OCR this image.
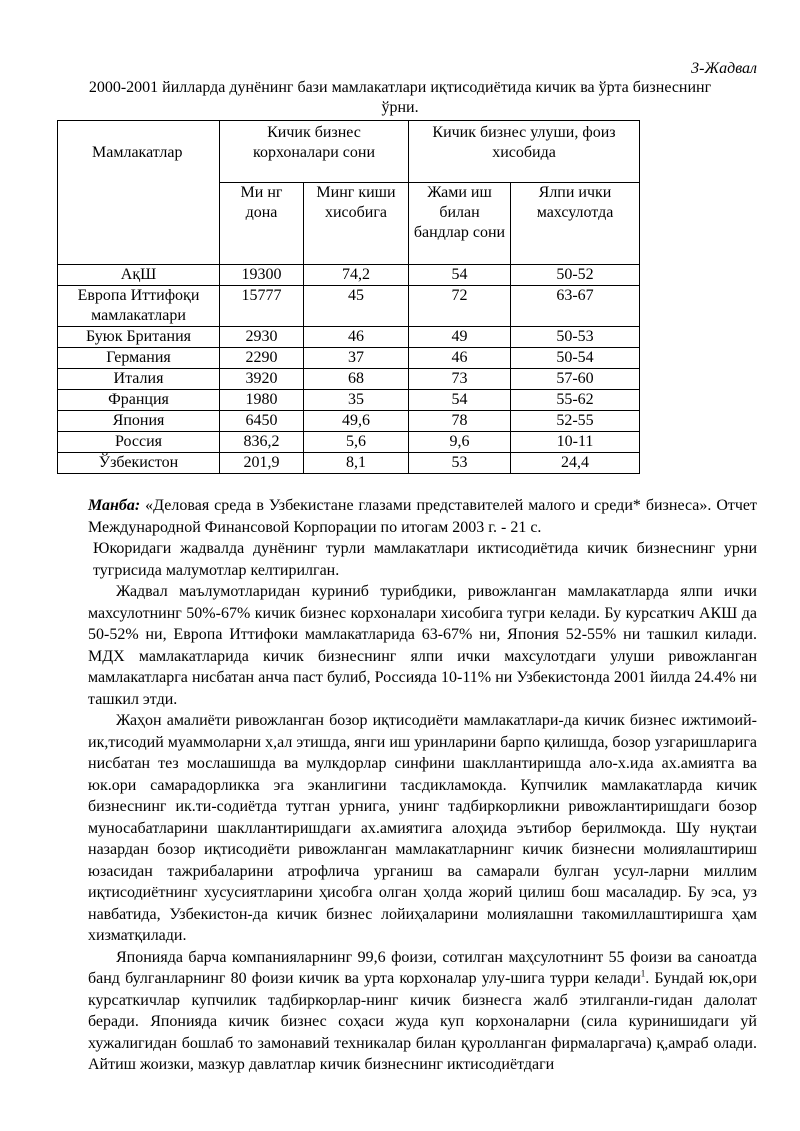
3-Жадвал
2000-2001 йилларда дунёнинг бази мамлакатлари иқтисодиётида кичик ва ўрта бизнеснинг ўрни.
Мамлакатлар	Кичик бизнес корхоналари сони		Кичик бизнес улуши, фоиз хисобида	
	Ми нг дона	Минг киши хисобига	Жами иш билан бандлар сони	Ялпи ички махсулотда
АқШ	19300	74,2	54	50-52
Европа Иттифоқи мамлакатлари	15777	45	72	63-67
Буюк Британия	2930	46	49	50-53
Германия	2290	37	46	50-54
Италия	3920	68	73	57-60
Франция	1980	35	54	55-62
Япония	6450	49,6	78	52-55
Россия	836,2	5,6	9,6	10-11
Ўзбекистон	201,9	8,1	53	24,4
Манба: «Деловая среда в Узбекистане глазами представителей малого и среди* бизнеса». Отчет Международной Финансовой Корпорации по итогам 2003 г. - 21 с.

Юкоридаги жадвалда дунёнинг турли мамлакатлари иктисодиётида кичик бизнеснинг урни тугрисида малумотлар келтирилган.

Жадвал маълумотларидан куриниб турибдики, ривожланган мамлакатларда ялпи ички махсулотнинг 50%-67% кичик бизнес корхоналари хисобига тугри келади. Бу курсаткич АКШ да 50-52% ни, Европа Иттифоки мамлакатларида 63-67% ни, Япония 52-55% ни ташкил килади. МДХ мамлакатларида кичик бизнеснинг ялпи ички махсулотдаги улуши ривожланган мамлакатларга нисбатан анча паст булиб, Россияда 10-11% ни Узбекистонда 2001 йилда 24.4% ни ташкил этди.

Жаҳон амалиёти ривожланган бозор иқтисодиёти мамлакатлари-да кичик бизнес ижтимоий-ик,тисодий муаммоларни х,ал этишда, янги иш уринларини барпо қилишда, бозор узгаришларига нисбатан тез мослашишда ва мулкдорлар синфини шакллантиришда ало-х.ида ах.амиятга ва юк.ори самарадорликка эга эканлигини тасдикламокда. Купчилик мамлакатларда кичик бизнеснинг ик.ти-содиётда тутган урнига, унинг тадбиркорликни ривожлантиришдаги бозор муносабатларини шакллантиришдаги ах.амиятига алоҳида эътибор берилмокда. Шу нуқтаи назардан бозор иқтисодиёти ривожланган мамлакатларнинг кичик бизнесни молиялаштириш юзасидан тажрибаларини атрофлича урганиш ва самарали булган усул-ларни миллим иқтисодиётнинг хусусиятларини ҳисобга олган ҳолда жорий цилиш бош масаладир. Бу эса, уз навбатида, Узбекистон-да кичик бизнес лойиҳаларини молиялашни такомиллаштиришга ҳам хизматқилади.

Японияда барча компанияларнинг 99,6 фоизи, сотилган маҳсулотнинт 55 фоизи ва саноатда банд булганларнинг 80 фоизи кичик ва урта корхоналар улу-шига турри келади$^1$. Бундай юк,ори курсаткичлар купчилик тадбиркорлар-нинг кичик бизнесга жалб этилганли-гидан далолат беради. Японияда кичик бизнес соҳаси жуда куп корхоналарни (сила куринишидаги уй хужалигидан бошлаб то замонавий техникалар билан қуролланган фирмаларгача) қ,амраб олади. Айтиш жоизки, мазкур давлатлар кичик бизнеснинг иктисодиётдаги
